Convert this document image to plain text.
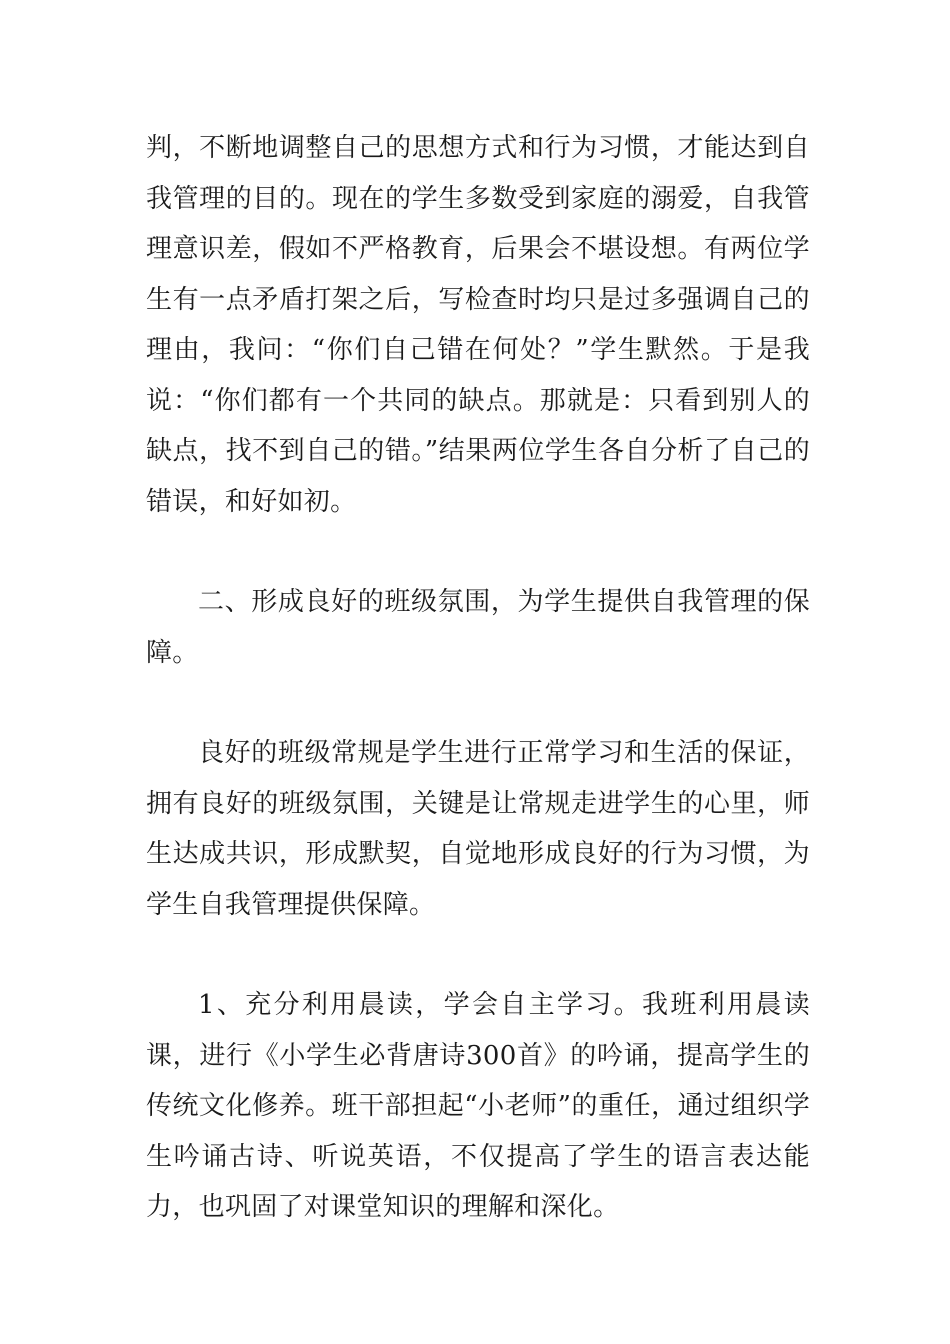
判，不断地调整自己的思想方式和行为习惯，才能达到自我管理的目的。现在的学生多数受到家庭的溺爱，自我管理意识差，假如不严格教育，后果会不堪设想。有两位学生有一点矛盾打架之后，写检查时均只是过多强调自己的理由，我问：“你们自己错在何处？”学生默然。于是我说：“你们都有一个共同的缺点。那就是：只看到别人的缺点，找不到自己的错。”结果两位学生各自分析了自己的错误，和好如初。

二、形成良好的班级氛围，为学生提供自我管理的保障。

良好的班级常规是学生进行正常学习和生活的保证，拥有良好的班级氛围，关键是让常规走进学生的心里，师生达成共识，形成默契，自觉地形成良好的行为习惯，为学生自我管理提供保障。

1、充分利用晨读，学会自主学习。我班利用晨读课，进行《小学生必背唐诗300首》的吟诵，提高学生的传统文化修养。班干部担起“小老师”的重任，通过组织学生吟诵古诗、听说英语，不仅提高了学生的语言表达能力，也巩固了对课堂知识的理解和深化。
